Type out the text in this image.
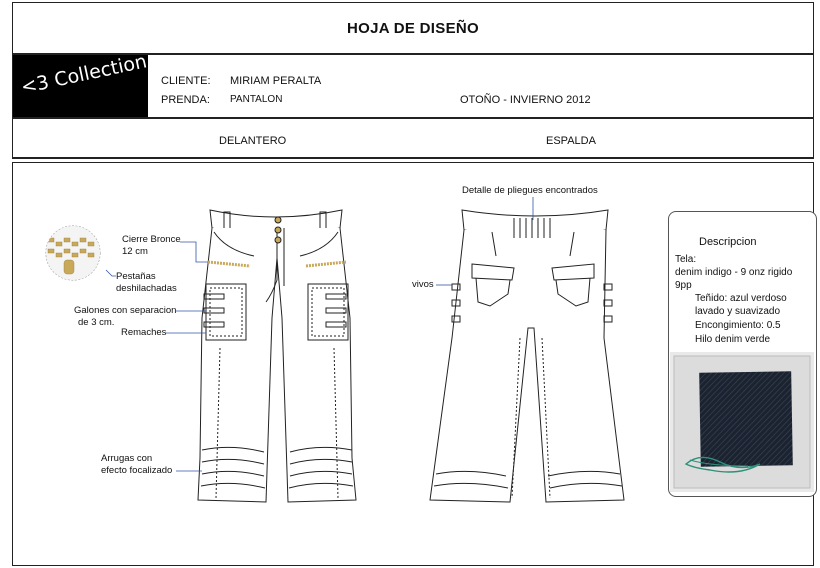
HOJA DE DISEÑO
<3 Collection CLIENTE: MIRIAM PERALTA
PRENDA: PANTALON	OTOÑO - INVIERNO 2012
DELANTERO	ESPALDA
Cierre Bronce
12 cm
Pestañas
deshilachadas
Galones con separacion
de 3 cm.
Remaches
Arrugas con
efecto focalizado
Detalle de pliegues encontrados
vivos
Descripcion
Tela:
denim indigo - 9 onz rigido
9pp
Teñido: azul verdoso
lavado y suavizado
Encongimiento: 0.5
Hilo denim verde
